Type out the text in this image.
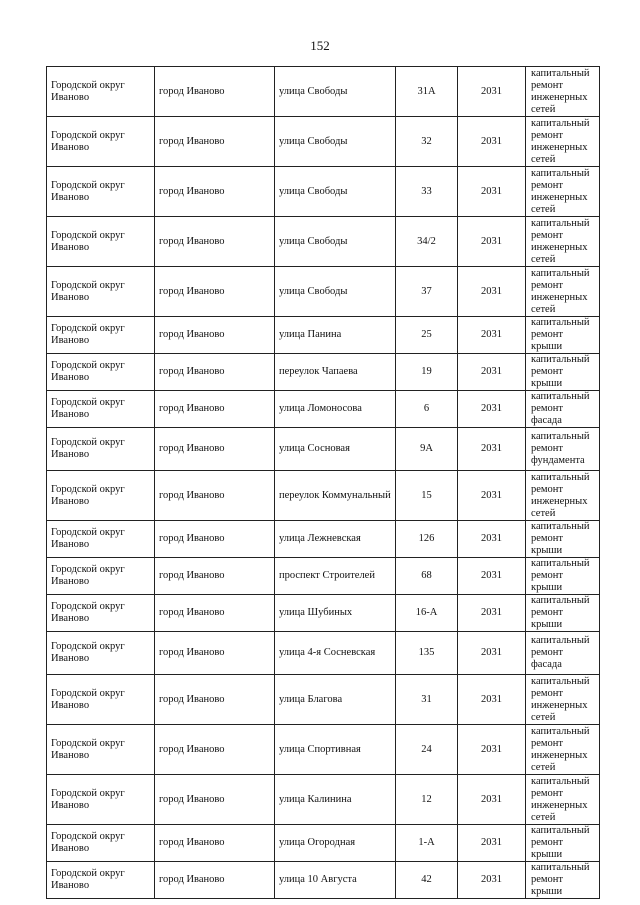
152
Городской округ Иваново	город Иваново	улица Свободы	31А	2031	капитальный ремонт инженерных сетей
Городской округ Иваново	город Иваново	улица Свободы	32	2031	капитальный ремонт инженерных сетей
Городской округ Иваново	город Иваново	улица Свободы	33	2031	капитальный ремонт инженерных сетей
Городской округ Иваново	город Иваново	улица Свободы	34/2	2031	капитальный ремонт инженерных сетей
Городской округ Иваново	город Иваново	улица Свободы	37	2031	капитальный ремонт инженерных сетей
Городской округ Иваново	город Иваново	улица Панина	25	2031	капитальный ремонт крыши
Городской округ Иваново	город Иваново	переулок Чапаева	19	2031	капитальный ремонт крыши
Городской округ Иваново	город Иваново	улица Ломоносова	6	2031	капитальный ремонт фасада
Городской округ Иваново	город Иваново	улица Сосновая	9А	2031	капитальный ремонт фундамента
Городской округ Иваново	город Иваново	переулок Коммунальный	15	2031	капитальный ремонт инженерных сетей
Городской округ Иваново	город Иваново	улица Лежневская	126	2031	капитальный ремонт крыши
Городской округ Иваново	город Иваново	проспект Строителей	68	2031	капитальный ремонт крыши
Городской округ Иваново	город Иваново	улица Шубиных	16-А	2031	капитальный ремонт крыши
Городской округ Иваново	город Иваново	улица 4-я Сосневская	135	2031	капитальный ремонт фасада
Городской округ Иваново	город Иваново	улица Благова	31	2031	капитальный ремонт инженерных сетей
Городской округ Иваново	город Иваново	улица Спортивная	24	2031	капитальный ремонт инженерных сетей
Городской округ Иваново	город Иваново	улица Калинина	12	2031	капитальный ремонт инженерных сетей
Городской округ Иваново	город Иваново	улица Огородная	1-А	2031	капитальный ремонт крыши
Городской округ Иваново	город Иваново	улица 10 Августа	42	2031	капитальный ремонт крыши
